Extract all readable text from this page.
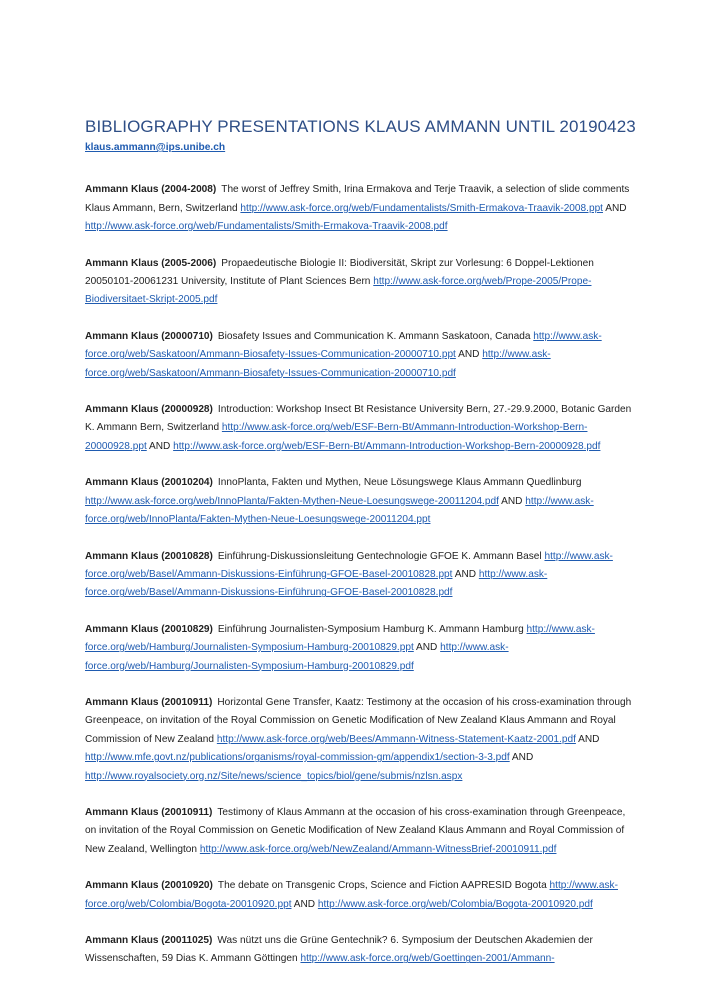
BIBLIOGRAPHY PRESENTATIONS KLAUS AMMANN UNTIL 20190423
klaus.ammann@ips.unibe.ch

Ammann Klaus (2004-2008) The worst of Jeffrey Smith, Irina Ermakova and Terje Traavik, a selection of slide comments Klaus Ammann, Bern, Switzerland http://www.ask-force.org/web/Fundamentalists/Smith-Ermakova-Traavik-2008.ppt AND http://www.ask-force.org/web/Fundamentalists/Smith-Ermakova-Traavik-2008.pdf

Ammann Klaus (2005-2006) Propaedeutische Biologie II: Biodiversität, Skript zur Vorlesung: 6 Doppel-Lektionen 20050101-20061231 University, Institute of Plant Sciences Bern http://www.ask-force.org/web/Prope-2005/Prope-Biodiversitaet-Skript-2005.pdf

Ammann Klaus (20000710) Biosafety Issues and Communication K. Ammann Saskatoon, Canada http://www.ask-force.org/web/Saskatoon/Ammann-Biosafety-Issues-Communication-20000710.ppt AND http://www.ask-force.org/web/Saskatoon/Ammann-Biosafety-Issues-Communication-20000710.pdf

Ammann Klaus (20000928) Introduction: Workshop Insect Bt Resistance University Bern, 27.-29.9.2000, Botanic Garden K. Ammann Bern, Switzerland http://www.ask-force.org/web/ESF-Bern-Bt/Ammann-Introduction-Workshop-Bern-20000928.ppt AND http://www.ask-force.org/web/ESF-Bern-Bt/Ammann-Introduction-Workshop-Bern-20000928.pdf

Ammann Klaus (20010204) InnoPlanta, Fakten und Mythen, Neue Lösungswege Klaus Ammann Quedlinburg http://www.ask-force.org/web/InnoPlanta/Fakten-Mythen-Neue-Loesungswege-20011204.pdf AND http://www.ask-force.org/web/InnoPlanta/Fakten-Mythen-Neue-Loesungswege-20011204.ppt

Ammann Klaus (20010828) Einführung-Diskussionsleitung Gentechnologie GFOE K. Ammann Basel http://www.ask-force.org/web/Basel/Ammann-Diskussions-Einführung-GFOE-Basel-20010828.ppt AND http://www.ask-force.org/web/Basel/Ammann-Diskussions-Einführung-GFOE-Basel-20010828.pdf

Ammann Klaus (20010829) Einführung Journalisten-Symposium Hamburg K. Ammann Hamburg http://www.ask-force.org/web/Hamburg/Journalisten-Symposium-Hamburg-20010829.ppt AND http://www.ask-force.org/web/Hamburg/Journalisten-Symposium-Hamburg-20010829.pdf

Ammann Klaus (20010911) Horizontal Gene Transfer, Kaatz: Testimony at the occasion of his cross-examination through Greenpeace, on invitation of the Royal Commission on Genetic Modification of New Zealand Klaus Ammann and Royal Commission of New Zealand http://www.ask-force.org/web/Bees/Ammann-Witness-Statement-Kaatz-2001.pdf AND http://www.mfe.govt.nz/publications/organisms/royal-commission-gm/appendix1/section-3-3.pdf AND http://www.royalsociety.org.nz/Site/news/science_topics/biol/gene/submis/nzlsn.aspx

Ammann Klaus (20010911) Testimony of Klaus Ammann at the occasion of his cross-examination through Greenpeace, on invitation of the Royal Commission on Genetic Modification of New Zealand Klaus Ammann and Royal Commission of New Zealand, Wellington http://www.ask-force.org/web/NewZealand/Ammann-WitnessBrief-20010911.pdf

Ammann Klaus (20010920) The debate on Transgenic Crops, Science and Fiction AAPRESID Bogota http://www.ask-force.org/web/Colombia/Bogota-20010920.ppt AND http://www.ask-force.org/web/Colombia/Bogota-20010920.pdf

Ammann Klaus (20011025) Was nützt uns die Grüne Gentechnik? 6. Symposium der Deutschen Akademien der Wissenschaften, 59 Dias K. Ammann Göttingen http://www.ask-force.org/web/Goettingen-2001/Ammann-
